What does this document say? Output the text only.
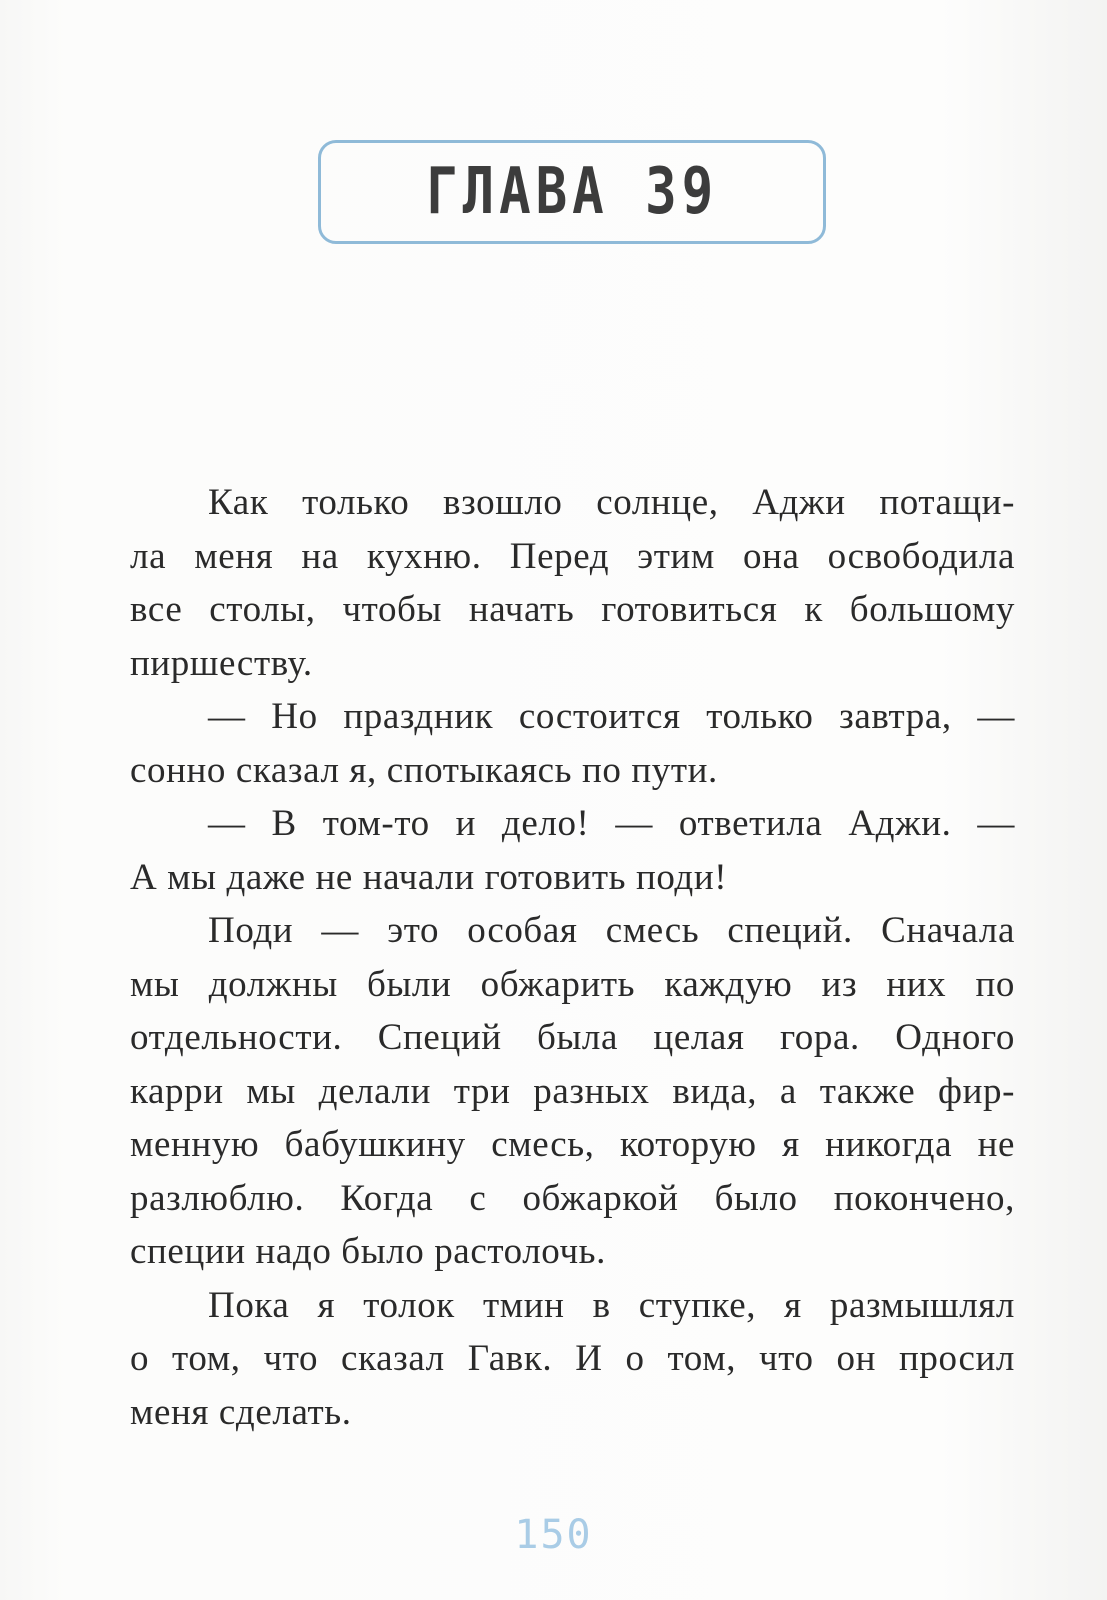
ГЛАВА 39
Как только взошло солнце, Аджи потащи-
ла меня на кухню. Перед этим она освободила
все столы, чтобы начать готовиться к большому
пиршеству.
— Но праздник состоится только завтра, —
сонно сказал я, спотыкаясь по пути.
— В том-то и дело! — ответила Аджи. —
А мы даже не начали готовить поди!
Поди — это особая смесь специй. Сначала
мы должны были обжарить каждую из них по
отдельности. Специй была целая гора. Одного
карри мы делали три разных вида, а также фир-
менную бабушкину смесь, которую я никогда не
разлюблю. Когда с обжаркой было покончено,
специи надо было растолочь.
Пока я толок тмин в ступке, я размышлял
о том, что сказал Гавк. И о том, что он просил
меня сделать.
150
